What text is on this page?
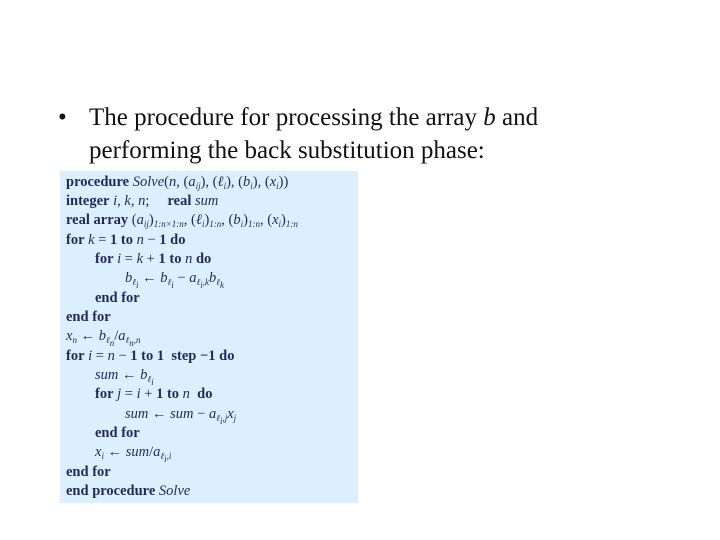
• The procedure for processing the array b and performing the back substitution phase:
procedure Solve(n, $(a_{ij})$, (ℓ$_i$), $(b_i)$, $(x_i)$)
integer i, k, n;     real sum
real array $(a_{ij})_{1:n\times 1:n}$, $(\ell_i)_{1:n}$, $(b_i)_{1:n}$, $(x_i)_{1:n}$
for k = 1 to n − 1 do
for i = k + 1 to n do
$b_{\ell_i}$ ← $b_{\ell_i} - a_{\ell_i,k}b_{\ell_k}$
end for
end for
$x_n$ ← $b_{\ell_n}/a_{\ell_n,n}$
for i = n − 1 to 1 step −1 do
sum ← $b_{\ell_i}$
for j = i + 1 to n do
sum ← sum − $a_{\ell_i,j}x_j$
end for
$x_i$ ← sum/$a_{\ell_i,i}$
end for
end procedure Solve
